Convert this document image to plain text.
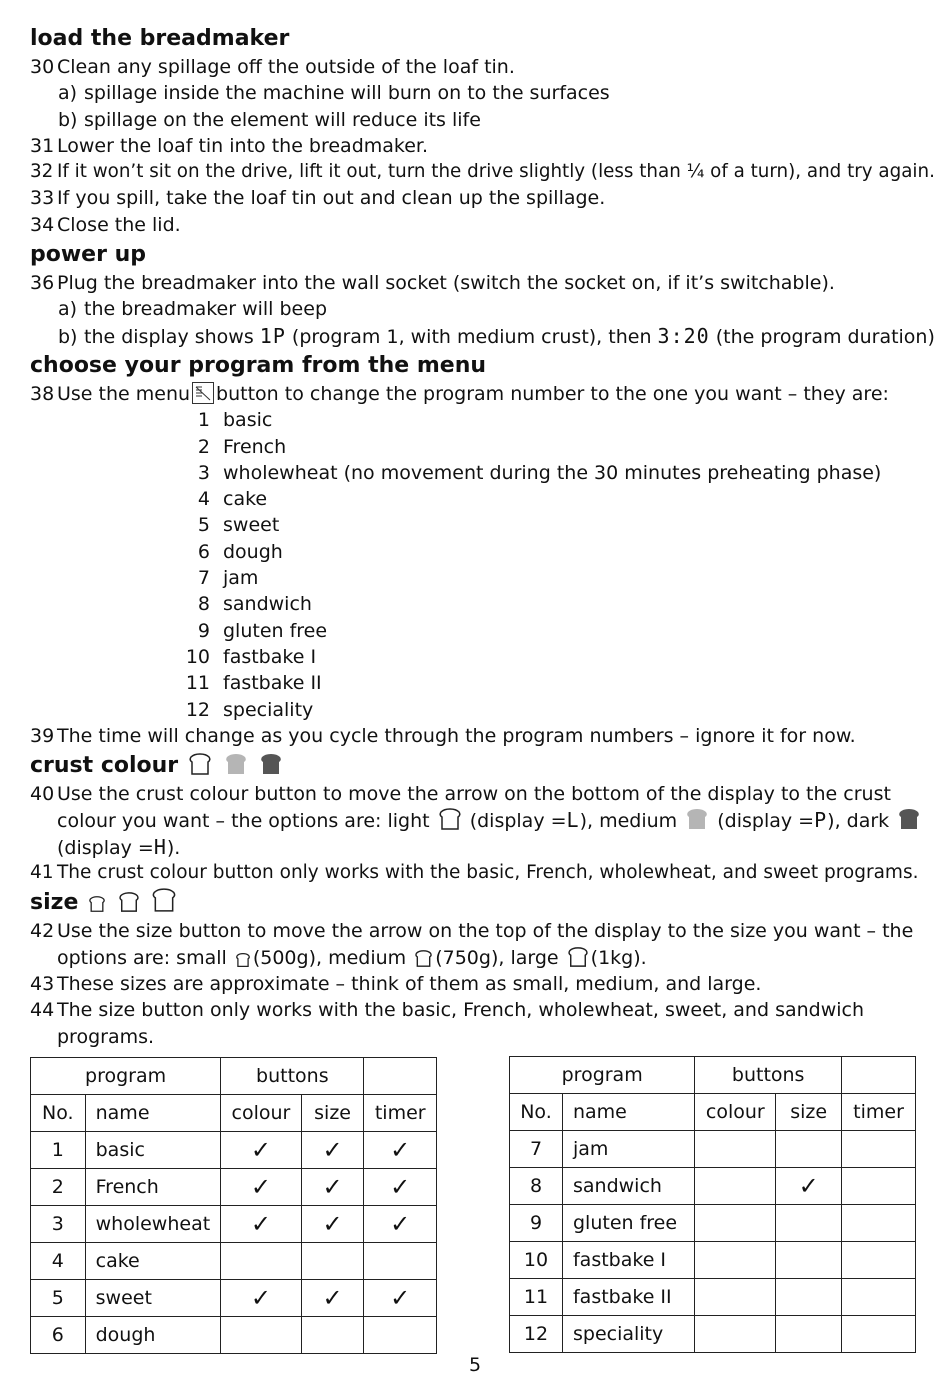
load the breadmaker
30 Clean any spillage off the outside of the loaf tin.
a) spillage inside the machine will burn on to the surfaces
b) spillage on the element will reduce its life
31 Lower the loaf tin into the breadmaker.
32 If it won’t sit on the drive, lift it out, turn the drive slightly (less than ¼ of a turn), and try again.
33 If you spill, take the loaf tin out and clean up the spillage.
34 Close the lid.
power up
36 Plug the breadmaker into the wall socket (switch the socket on, if it’s switchable).
a) the breadmaker will beep
b) the display shows 1P (program 1, with medium crust), then 3:20 (the program duration)
choose your program from the menu
38 Use the menu button to change the program number to the one you want – they are:
1 basic
2 French
3 wholewheat (no movement during the 30 minutes preheating phase)
4 cake
5 sweet
6 dough
7 jam
8 sandwich
9 gluten free
10 fastbake I
11 fastbake II
12 speciality
39 The time will change as you cycle through the program numbers – ignore it for now.
crust colour
40 Use the crust colour button to move the arrow on the bottom of the display to the crust
colour you want – the options are: light (display =L), medium (display =P), dark
(display =H).
41 The crust colour button only works with the basic, French, wholewheat, and sweet programs.
size
42 Use the size button to move the arrow on the top of the display to the size you want – the
options are: small (500g), medium (750g), large (1kg).
43 These sizes are approximate – think of them as small, medium, and large.
44 The size button only works with the basic, French, wholewheat, sweet, and sandwich
programs.
program		buttons		
No.	name	colour	size	timer
1	basic	✓	✓	✓
2	French	✓	✓	✓
3	wholewheat	✓	✓	✓
4	cake			
5	sweet	✓	✓	✓
6	dough			
program		buttons		
No.	name	colour	size	timer
7	jam			
8	sandwich		✓	
9	gluten free			
10	fastbake I			
11	fastbake II			
12	speciality			
5
